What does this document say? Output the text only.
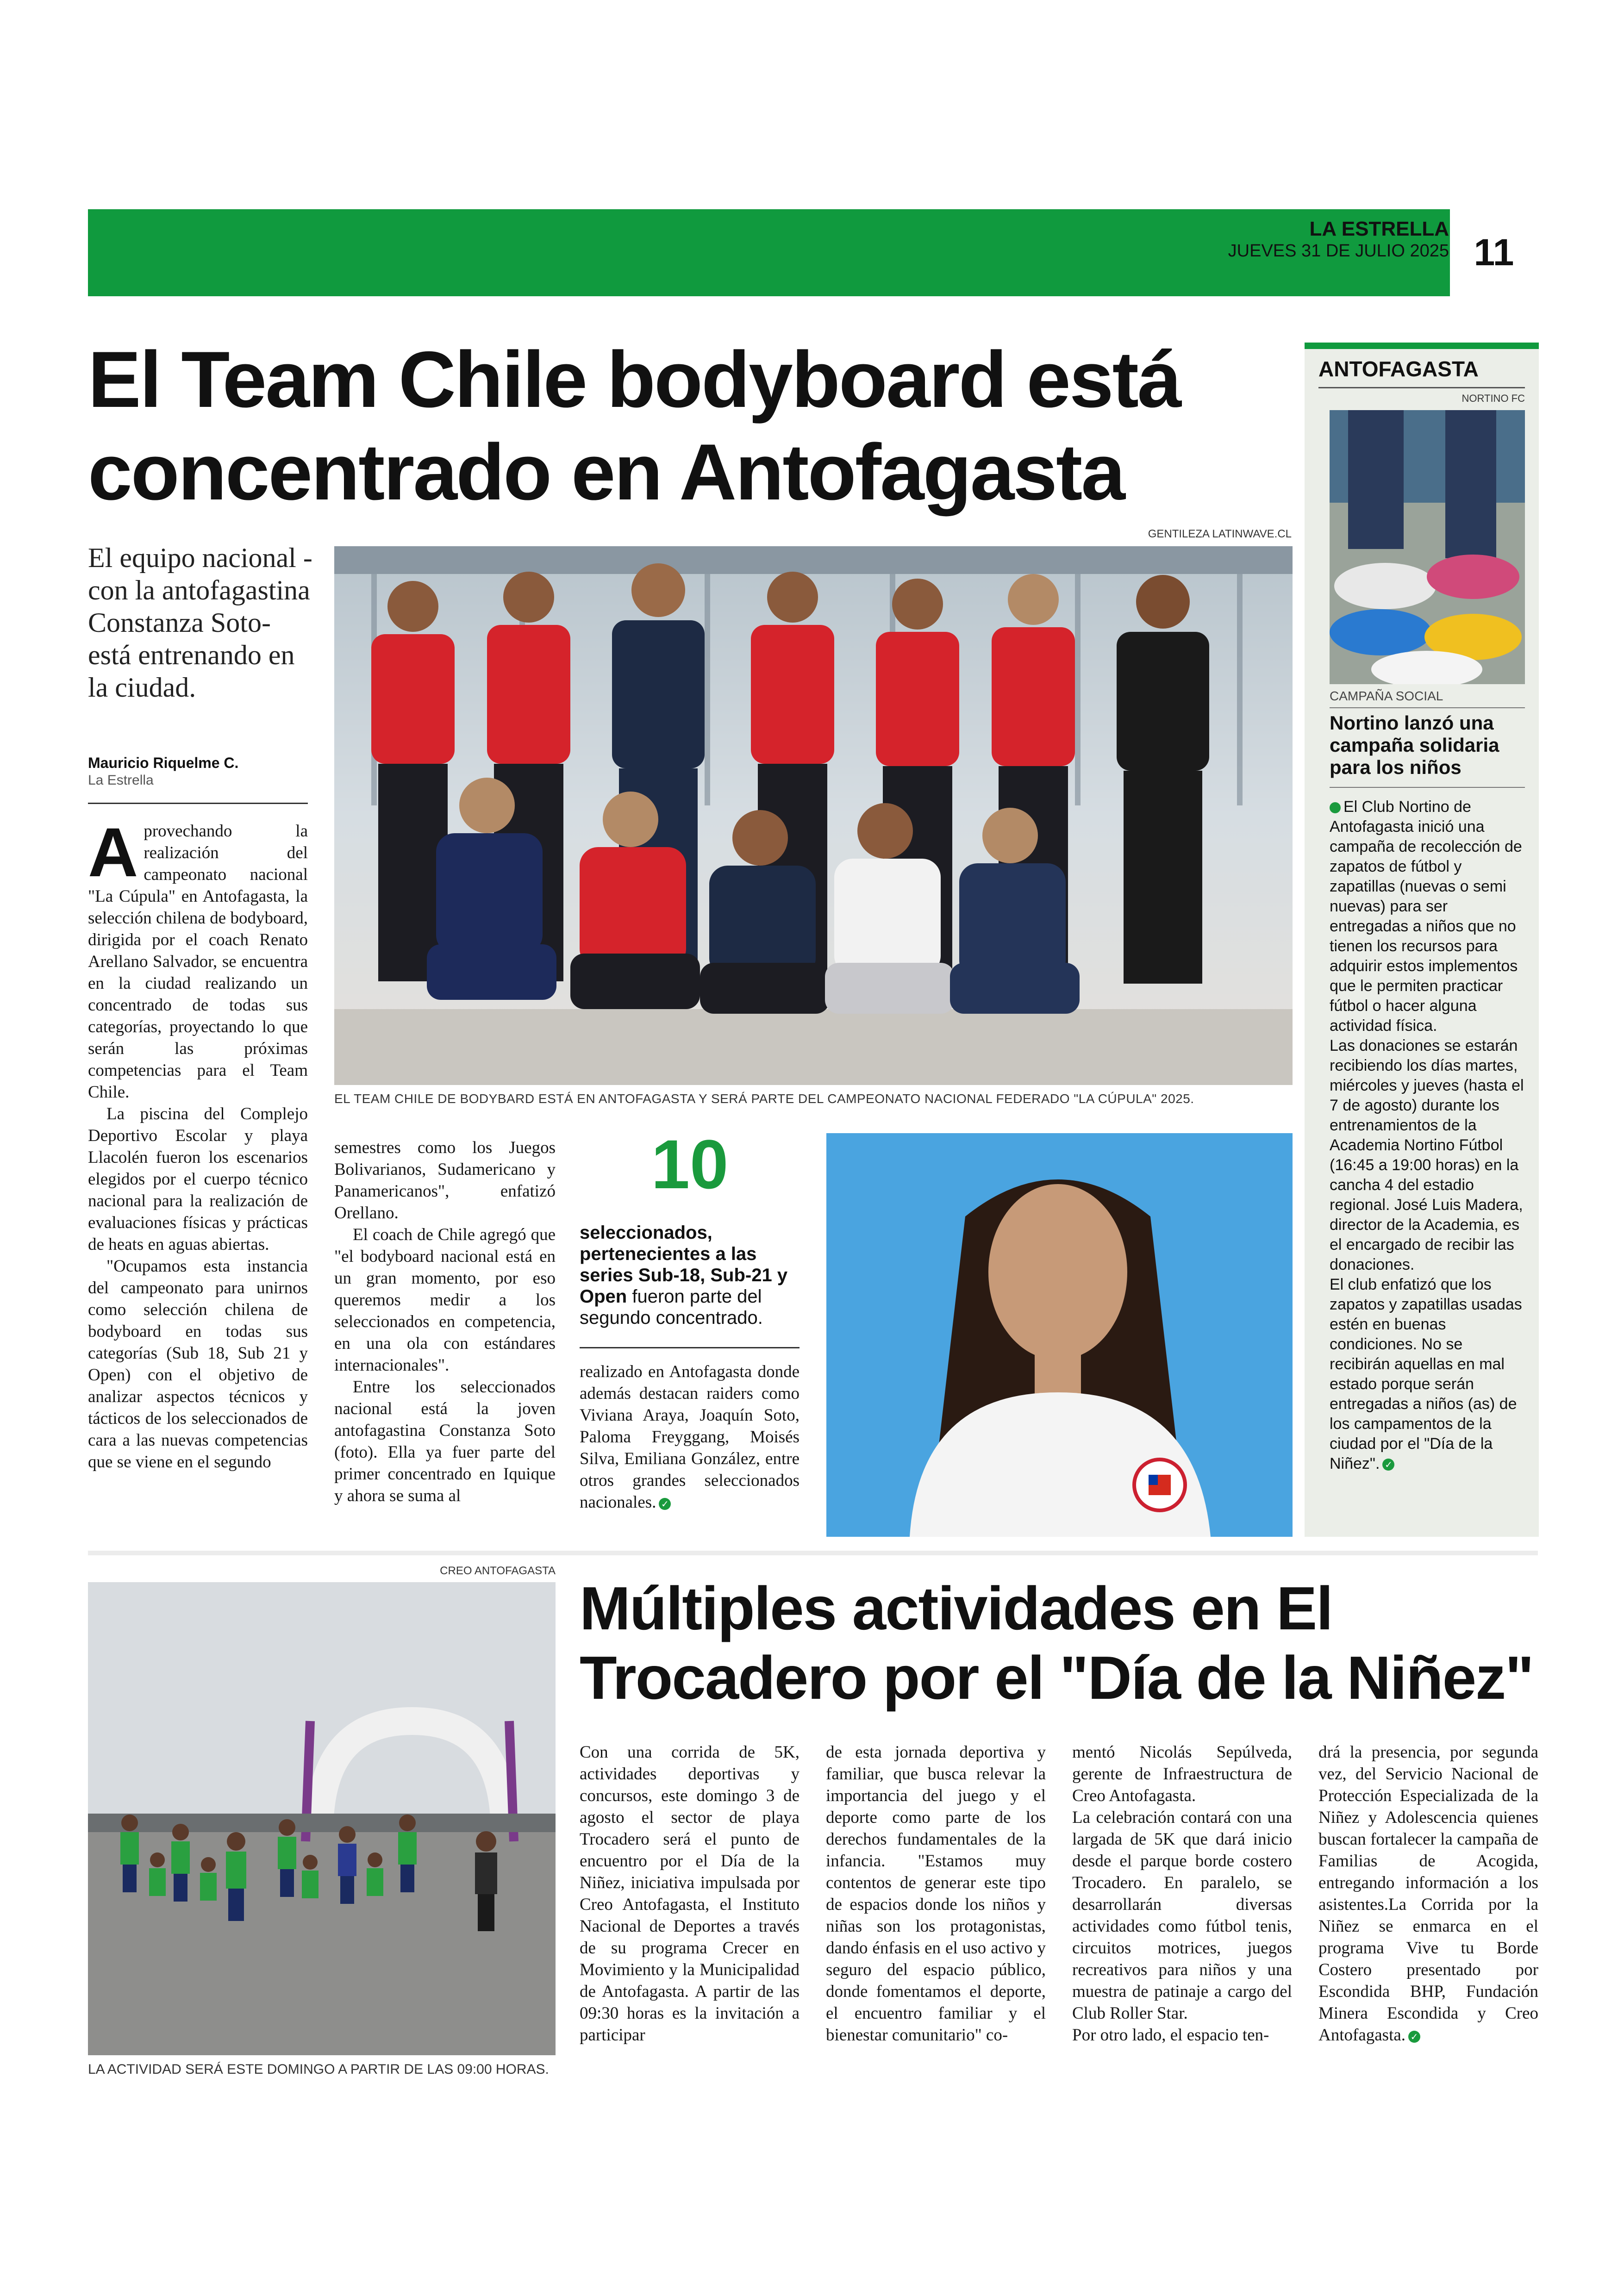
LA ESTRELLA
JUEVES 31 DE JULIO 2025 11
El Team Chile bodyboard está
concentrado en Antofagasta
El equipo nacional -con la antofagastina Constanza Soto- está entrenando en la ciudad.
Mauricio Riquelme C.
La Estrella

Aprovechando la realización del campeonato nacional "La Cúpula" en Antofagasta, la selección chilena de bodyboard, dirigida por el coach Renato Arellano Salvador, se encuentra en la ciudad realizando un concentrado de todas sus categorías, proyectando lo que serán las próximas competencias para el Team Chile.

La piscina del Complejo Deportivo Escolar y playa Llacolén fueron los escenarios elegidos por el cuerpo técnico nacional para la realización de evaluaciones físicas y prácticas de heats en aguas abiertas.

"Ocupamos esta instancia del campeonato para unirnos como selección chilena de bodyboard en todas sus categorías (Sub 18, Sub 21 y Open) con el objetivo de analizar aspectos técnicos y tácticos de los seleccionados de cara a las nuevas competencias que se viene en el segundo

GENTILEZA LATINWAVE.CL
EL TEAM CHILE DE BODYBARD ESTÁ EN ANTOFAGASTA Y SERÁ PARTE DEL CAMPEONATO NACIONAL FEDERADO "LA CÚPULA" 2025.

semestres como los Juegos Bolivarianos, Sudamericano y Panamericanos", enfatizó Orellano.

El coach de Chile agregó que "el bodyboard nacional está en un gran momento, por eso queremos medir a los seleccionados en competencia, en una ola con estándares internacionales".

Entre los seleccionados nacional está la joven antofagastina Constanza Soto (foto). Ella ya fuer parte del primer concentrado en Iquique y ahora se suma al

10
seleccionados, pertenecientes a las series Sub-18, Sub-21 y Open fueron parte del segundo concentrado.

realizado en Antofagasta donde además destacan raiders como Viviana Araya, Joaquín Soto, Paloma Freyggang, Moisés Silva, Emiliana González, entre otros grandes seleccionados nacionales. ✓

ANTOFAGASTA
NORTINO FC
CAMPAÑA SOCIAL
Nortino lanzó una campaña solidaria para los niños

El Club Nortino de Antofagasta inició una campaña de recolección de zapatos de fútbol y zapatillas (nuevas o semi nuevas) para ser entregadas a niños que no tienen los recursos para adquirir estos implementos que le permiten practicar fútbol o hacer alguna actividad física.

Las donaciones se estarán recibiendo los días martes, miércoles y jueves (hasta el 7 de agosto) durante los entrenamientos de la Academia Nortino Fútbol (16:45 a 19:00 horas) en la cancha 4 del estadio regional. José Luis Madera, director de la Academia, es el encargado de recibir las donaciones.

El club enfatizó que los zapatos y zapatillas usadas estén en buenas condiciones. No se recibirán aquellas en mal estado porque serán entregadas a niños (as) de los campamentos de la ciudad por el "Día de la Niñez". ✓

CREO ANTOFAGASTA
LA ACTIVIDAD SERÁ ESTE DOMINGO A PARTIR DE LAS 09:00 HORAS.
Múltiples actividades en El
Trocadero por el "Día de la Niñez"

Con una corrida de 5K, actividades deportivas y concursos, este domingo 3 de agosto el sector de playa Trocadero será el punto de encuentro por el Día de la Niñez, iniciativa impulsada por Creo Antofagasta, el Instituto Nacional de Deportes a través de su programa Crecer en Movimiento y la Municipalidad de Antofagasta. A partir de las 09:30 horas es la invitación a participar

de esta jornada deportiva y familiar, que busca relevar la importancia del juego y el deporte como parte de los derechos fundamentales de la infancia. "Estamos muy contentos de generar este tipo de espacios donde los niños y niñas son los protagonistas, dando énfasis en el uso activo y seguro del espacio público, donde fomentamos el deporte, el encuentro familiar y el bienestar comunitario" co-

mentó Nicolás Sepúlveda, gerente de Infraestructura de Creo Antofagasta.

La celebración contará con una largada de 5K que dará inicio desde el parque borde costero Trocadero. En paralelo, se desarrollarán diversas actividades como fútbol tenis, circuitos motrices, juegos recreativos para niños y una muestra de patinaje a cargo del Club Roller Star.

Por otro lado, el espacio ten-

drá la presencia, por segunda vez, del Servicio Nacional de Protección Especializada de la Niñez y Adolescencia quienes buscan fortalecer la campaña de Familias de Acogida, entregando información a los asistentes.La Corrida por la Niñez se enmarca en el programa Vive tu Borde Costero presentado por Escondida BHP, Fundación Minera Escondida y Creo Antofagasta. ✓
